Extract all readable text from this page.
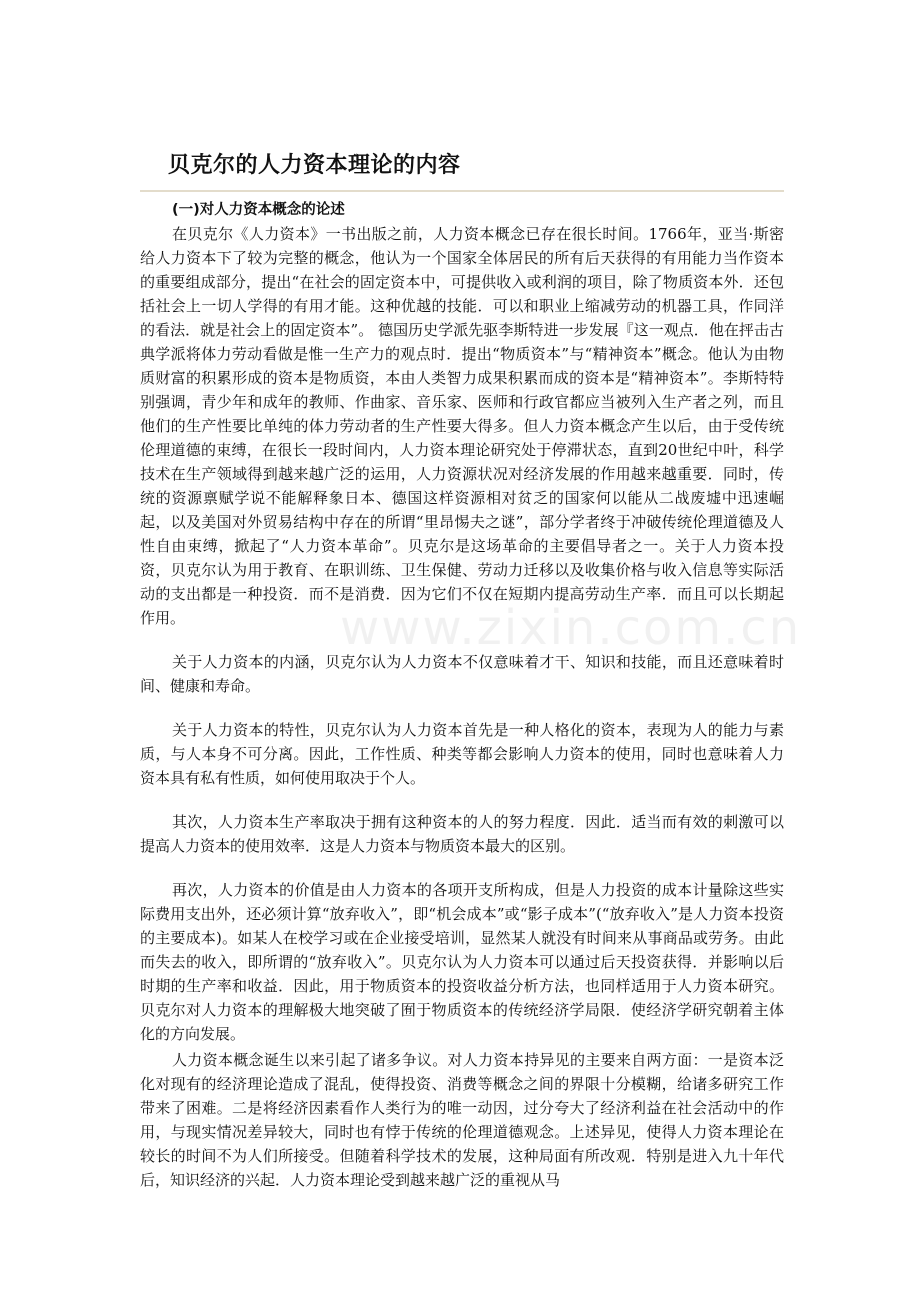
贝克尔的人力资本理论的内容
(一)对人力资本概念的论述

在贝克尔《人力资本》一书出版之前，人力资本概念已存在很长时间。1766年，亚当·斯密给人力资本下了较为完整的概念，他认为一个国家全体居民的所有后天获得的有用能力当作资本的重要组成部分，提出“在社会的固定资本中，可提供收入或利润的项目，除了物质资本外．还包括社会上一切人学得的有用才能。这种优越的技能．可以和职业上缩减劳动的机器工具，作同洋的看法．就是社会上的固定资本”。 德国历史学派先驱李斯特进一步发展『这一观点．他在抨击古典学派将体力劳动看做是惟一生产力的观点时．提出“物质资本”与“精神资本”概念。他认为由物质财富的积累形成的资本是物质资，本由人类智力成果积累而成的资本是“精神资本”。李斯特特别强调，青少年和成年的教师、作曲家、音乐家、医师和行政官都应当被列入生产者之列，而且他们的生产性要比单纯的体力劳动者的生产性要大得多。但人力资本概念产生以后，由于受传统伦理道德的束缚，在很长一段时间内，人力资本理论研究处于停滞状态，直到20世纪中叶，科学技术在生产领域得到越来越广泛的运用，人力资源状况对经济发展的作用越来越重要．同时，传统的资源禀赋学说不能解释象日本、德国这样资源相对贫乏的国家何以能从二战废墟中迅速崛起，以及美国对外贸易结构中存在的所谓“里昂惕夫之谜”，部分学者终于冲破传统伦理道德及人性自由束缚，掀起了“人力资本革命”。贝克尔是这场革命的主要倡导者之一。关于人力资本投资，贝克尔认为用于教育、在职训练、卫生保健、劳动力迁移以及收集价格与收入信息等实际活动的支出都是一种投资．而不是消费．因为它们不仅在短期内提高劳动生产率．而且可以长期起作用。

关于人力资本的内涵，贝克尔认为人力资本不仅意味着才干、知识和技能，而且还意味着时间、健康和寿命。

关于人力资本的特性，贝克尔认为人力资本首先是一种人格化的资本，表现为人的能力与素质，与人本身不可分离。因此，工作性质、种类等都会影响人力资本的使用，同时也意味着人力资本具有私有性质，如何使用取决于个人。

其次，人力资本生产率取决于拥有这种资本的人的努力程度．因此．适当而有效的刺激可以提高人力资本的使用效率．这是人力资本与物质资本最大的区别。

再次，人力资本的价值是由人力资本的各项开支所构成，但是人力投资的成本计量除这些实际费用支出外，还必须计算“放弃收入”，即“机会成本”或“影子成本”(“放弃收入”是人力资本投资的主要成本)。如某人在校学习或在企业接受培训，显然某人就没有时间来从事商品或劳务。由此而失去的收入，即所谓的“放弃收入”。贝克尔认为人力资本可以通过后天投资获得．并影响以后时期的生产率和收益．因此，用于物质资本的投资收益分析方法，也同样适用于人力资本研究。贝克尔对人力资本的理解极大地突破了囿于物质资本的传统经济学局限．使经济学研究朝着主体化的方向发展。

人力资本概念诞生以来引起了诸多争议。对人力资本持异见的主要来自两方面：一是资本泛化对现有的经济理论造成了混乱，使得投资、消费等概念之间的界限十分模糊，给诸多研究工作带来了困难。二是将经济因素看作人类行为的唯一动因，过分夸大了经济利益在社会活动中的作用，与现实情况差异较大，同时也有悖于传统的伦理道德观念。上述异见，使得人力资本理论在较长的时间不为人们所接受。但随着科学技术的发展，这种局面有所改观．特别是进入九十年代后，知识经济的兴起．人力资本理论受到越来越广泛的重视从马

www.zixin.com.cn
